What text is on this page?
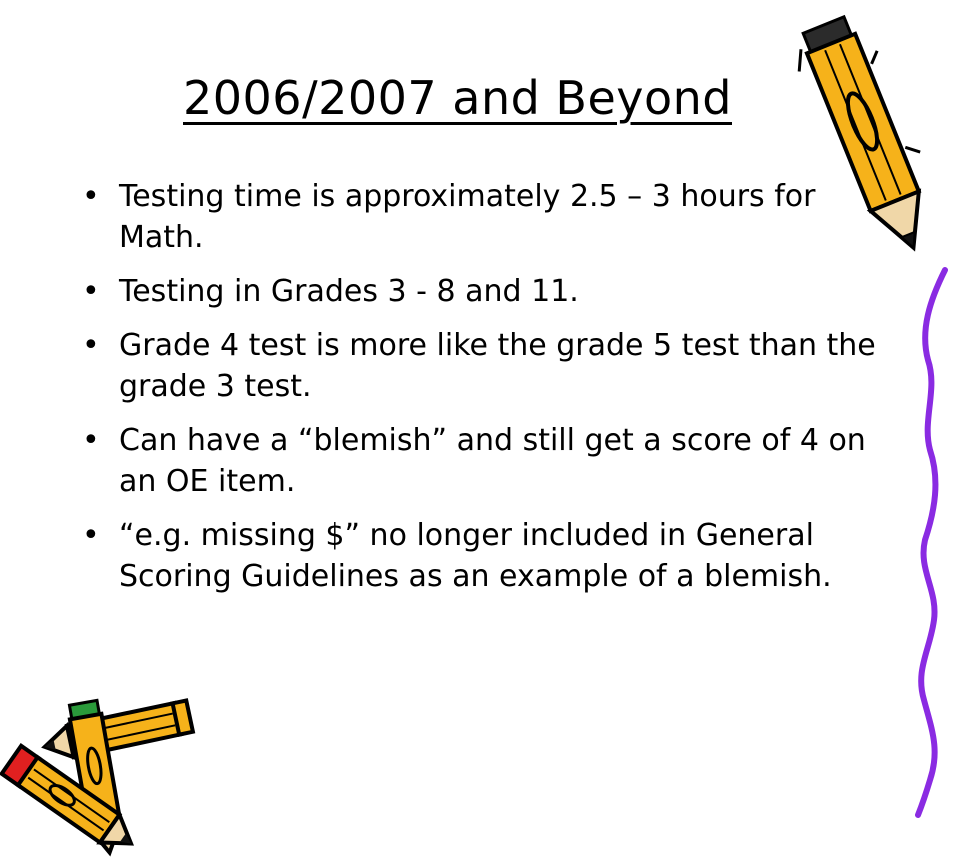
2006/2007 and Beyond
• Testing time is approximately 2.5 – 3 hours for Math.
• Testing in Grades 3 - 8 and 11.
• Grade 4 test is more like the grade 5 test than the grade 3 test.
• Can have a “blemish” and still get a score of 4 on an OE item.
• “e.g. missing $” no longer included in General Scoring Guidelines as an example of a blemish.
